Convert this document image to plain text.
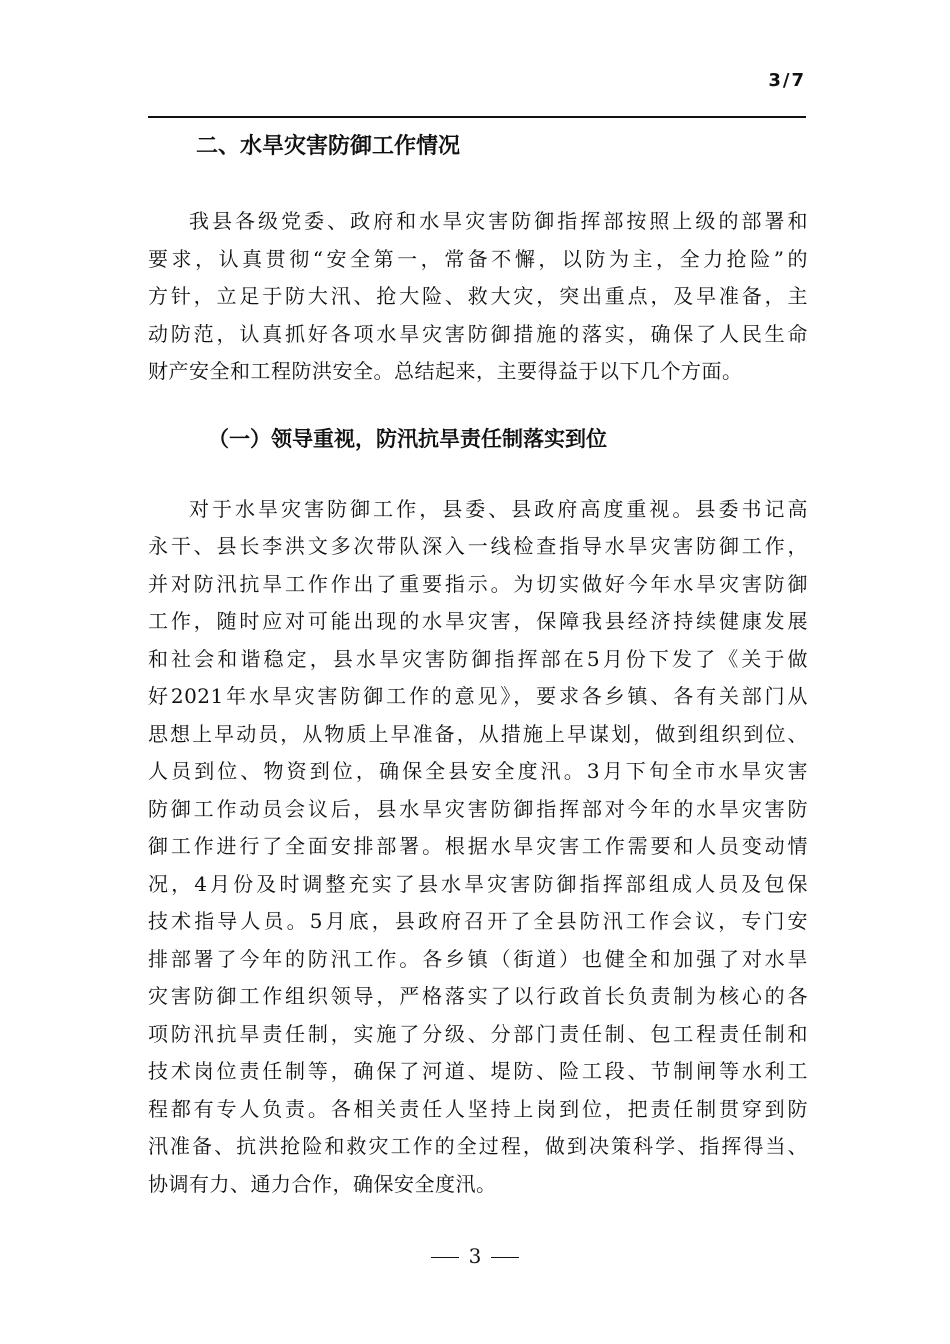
3/7
二、水旱灾害防御工作情况
我县各级党委、政府和水旱灾害防御指挥部按照上级的部署和
要求，认真贯彻“安全第一，常备不懈，以防为主，全力抢险”的
方针，立足于防大汛、抢大险、救大灾，突出重点，及早准备，主
动防范，认真抓好各项水旱灾害防御措施的落实，确保了人民生命
财产安全和工程防洪安全。总结起来，主要得益于以下几个方面。
（一）领导重视，防汛抗旱责任制落实到位
对于水旱灾害防御工作，县委、县政府高度重视。县委书记高
永干、县长李洪文多次带队深入一线检查指导水旱灾害防御工作，
并对防汛抗旱工作作出了重要指示。为切实做好今年水旱灾害防御
工作，随时应对可能出现的水旱灾害，保障我县经济持续健康发展
和社会和谐稳定，县水旱灾害防御指挥部在5月份下发了《关于做
好2021年水旱灾害防御工作的意见》，要求各乡镇、各有关部门从
思想上早动员，从物质上早准备，从措施上早谋划，做到组织到位、
人员到位、物资到位，确保全县安全度汛。3月下旬全市水旱灾害
防御工作动员会议后，县水旱灾害防御指挥部对今年的水旱灾害防
御工作进行了全面安排部署。根据水旱灾害工作需要和人员变动情
况，4月份及时调整充实了县水旱灾害防御指挥部组成人员及包保
技术指导人员。5月底，县政府召开了全县防汛工作会议，专门安
排部署了今年的防汛工作。各乡镇（街道）也健全和加强了对水旱
灾害防御工作组织领导，严格落实了以行政首长负责制为核心的各
项防汛抗旱责任制，实施了分级、分部门责任制、包工程责任制和
技术岗位责任制等，确保了河道、堤防、险工段、节制闸等水利工
程都有专人负责。各相关责任人坚持上岗到位，把责任制贯穿到防
汛准备、抗洪抢险和救灾工作的全过程，做到决策科学、指挥得当、
协调有力、通力合作，确保安全度汛。
3
